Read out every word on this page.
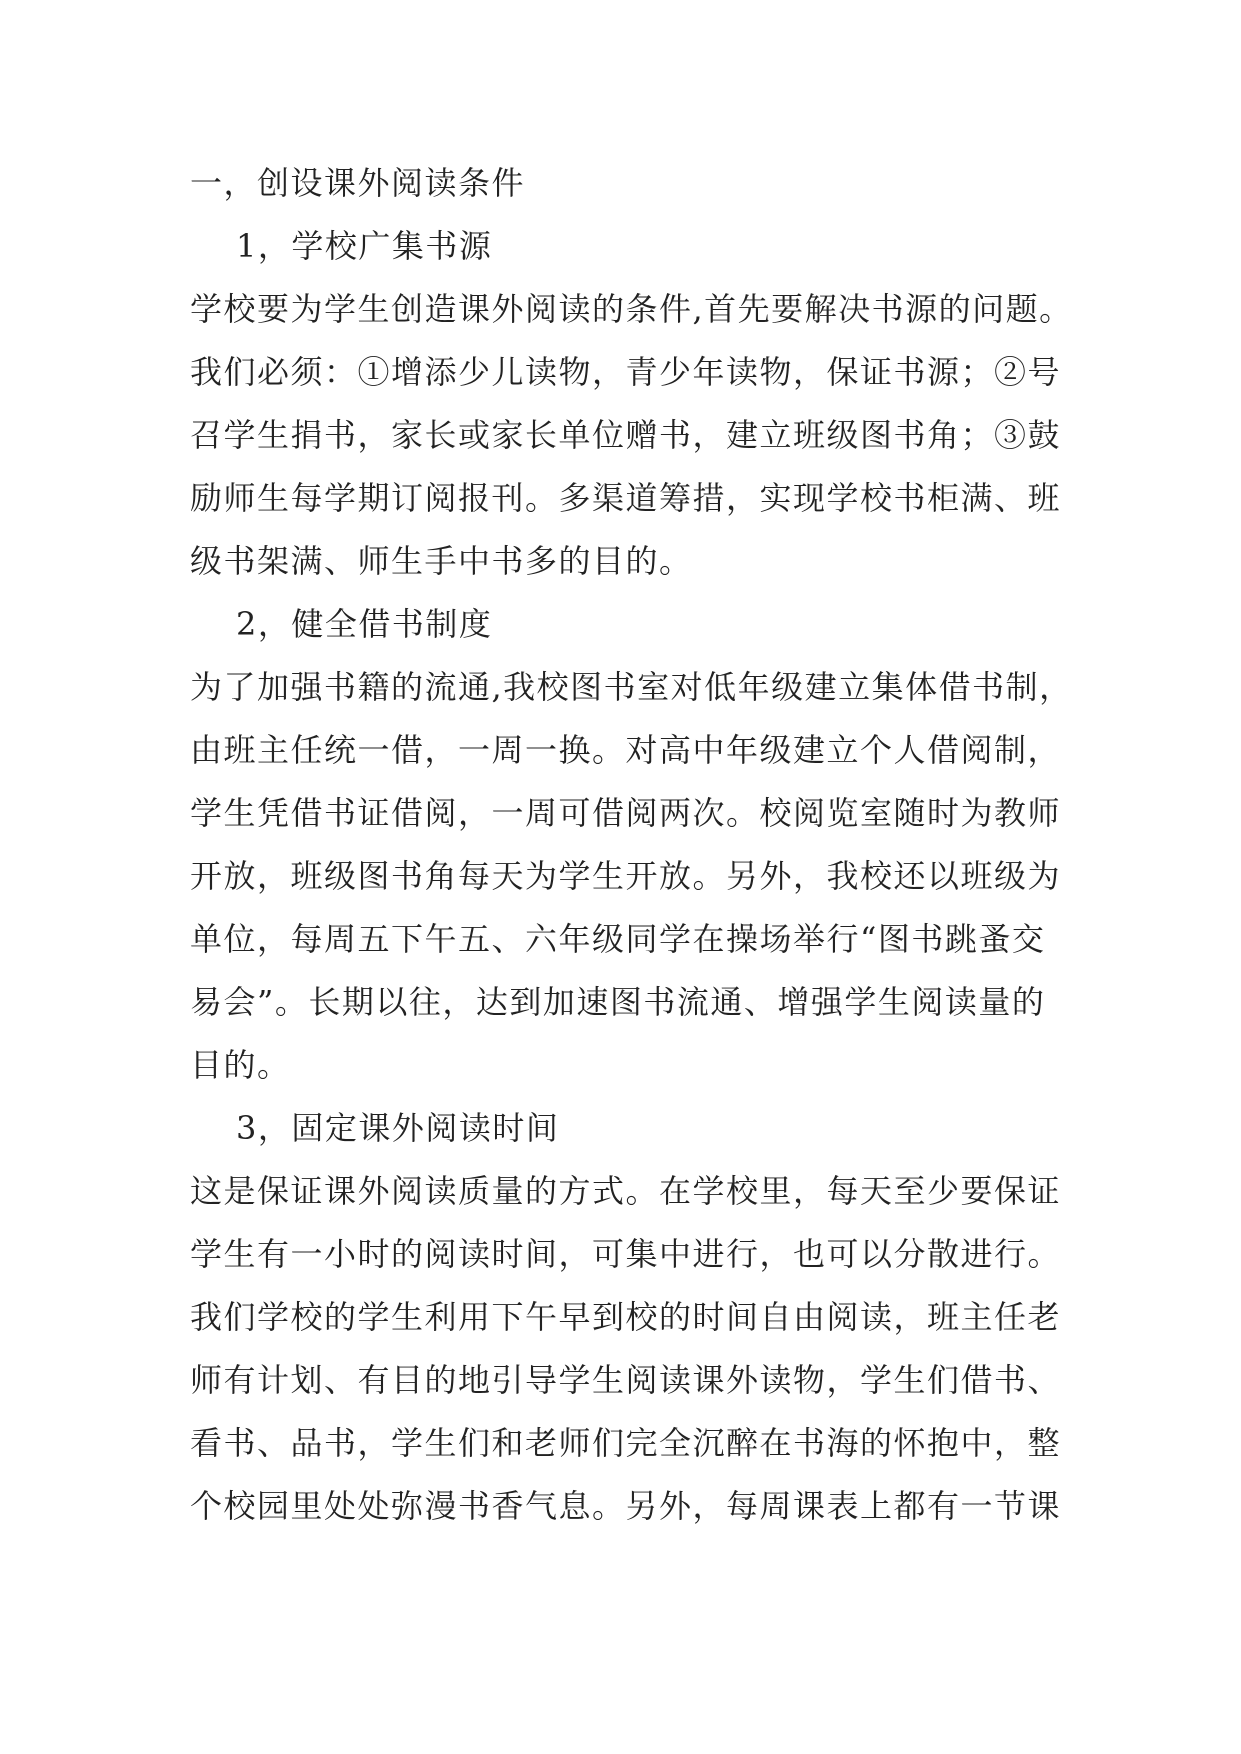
一，创设课外阅读条件
1，学校广集书源
学校要为学生创造课外阅读的条件,首先要解决书源的问题。
我们必须：①增添少儿读物，青少年读物，保证书源；②号
召学生捐书，家长或家长单位赠书，建立班级图书角；③鼓
励师生每学期订阅报刊。多渠道筹措，实现学校书柜满、班
级书架满、师生手中书多的目的。
2，健全借书制度
为了加强书籍的流通,我校图书室对低年级建立集体借书制，
由班主任统一借，一周一换。对高中年级建立个人借阅制，
学生凭借书证借阅，一周可借阅两次。校阅览室随时为教师
开放，班级图书角每天为学生开放。另外，我校还以班级为
单位，每周五下午五、六年级同学在操场举行“图书跳蚤交
易会”。长期以往，达到加速图书流通、增强学生阅读量的
目的。
3，固定课外阅读时间
这是保证课外阅读质量的方式。在学校里，每天至少要保证
学生有一小时的阅读时间，可集中进行，也可以分散进行。
我们学校的学生利用下午早到校的时间自由阅读，班主任老
师有计划、有目的地引导学生阅读课外读物，学生们借书、
看书、品书，学生们和老师们完全沉醉在书海的怀抱中，整
个校园里处处弥漫书香气息。另外，每周课表上都有一节课
